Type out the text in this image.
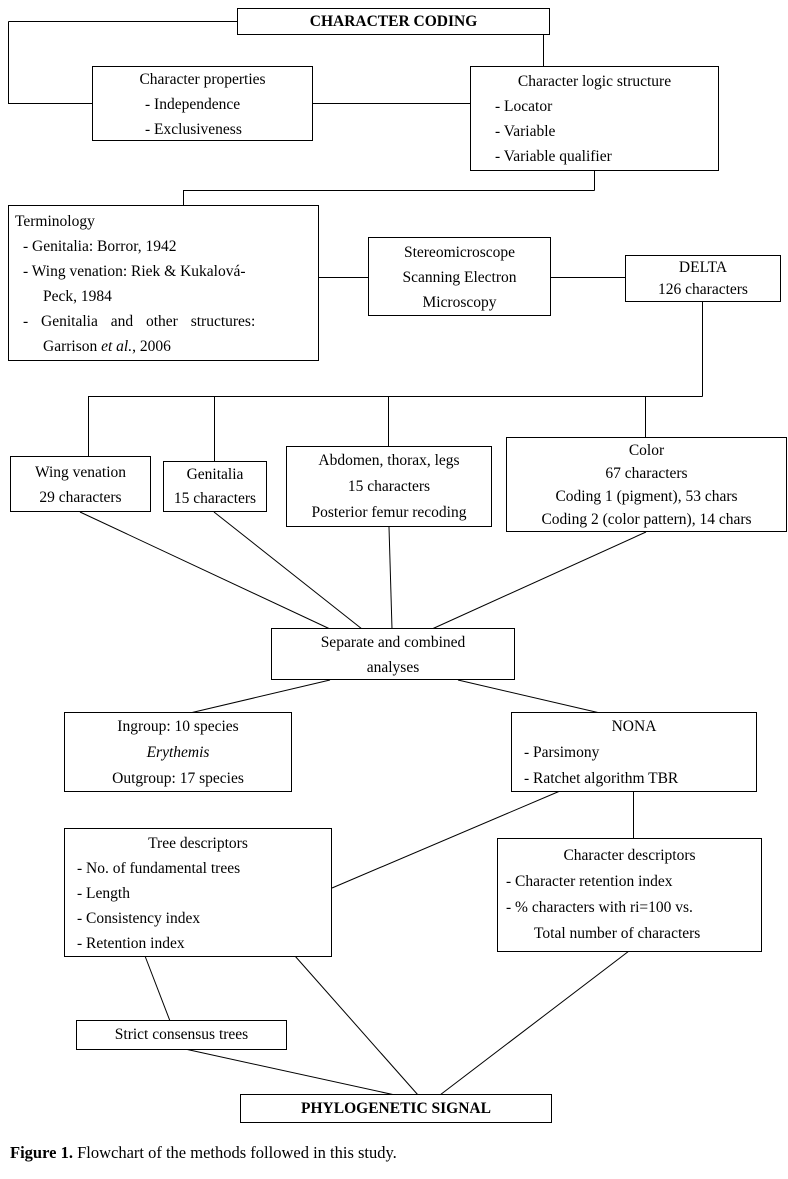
CHARACTER CODING
Character properties
- Independence
- Exclusiveness
Character logic structure
- Locator
- Variable
- Variable qualifier
Terminology
- Genitalia: Borror, 1942
- Wing venation: Riek & Kukalová-
Peck, 1984
- Genitalia and other structures:
Garrison et al., 2006
Stereomicroscope
Scanning Electron
Microscopy
DELTA
126 characters
Wing venation
29 characters
Genitalia
15 characters
Abdomen, thorax, legs
15 characters
Posterior femur recoding
Color
67 characters
Coding 1 (pigment), 53 chars
Coding 2 (color pattern), 14 chars
Separate and combined
analyses
Ingroup: 10 species
Erythemis
Outgroup: 17 species
NONA
- Parsimony
- Ratchet algorithm TBR
Tree descriptors
- No. of fundamental trees
- Length
- Consistency index
- Retention index
Character descriptors
- Character retention index
- % characters with ri=100 vs.
Total number of characters
Strict consensus trees
PHYLOGENETIC SIGNAL
Figure 1. Flowchart of the methods followed in this study.
